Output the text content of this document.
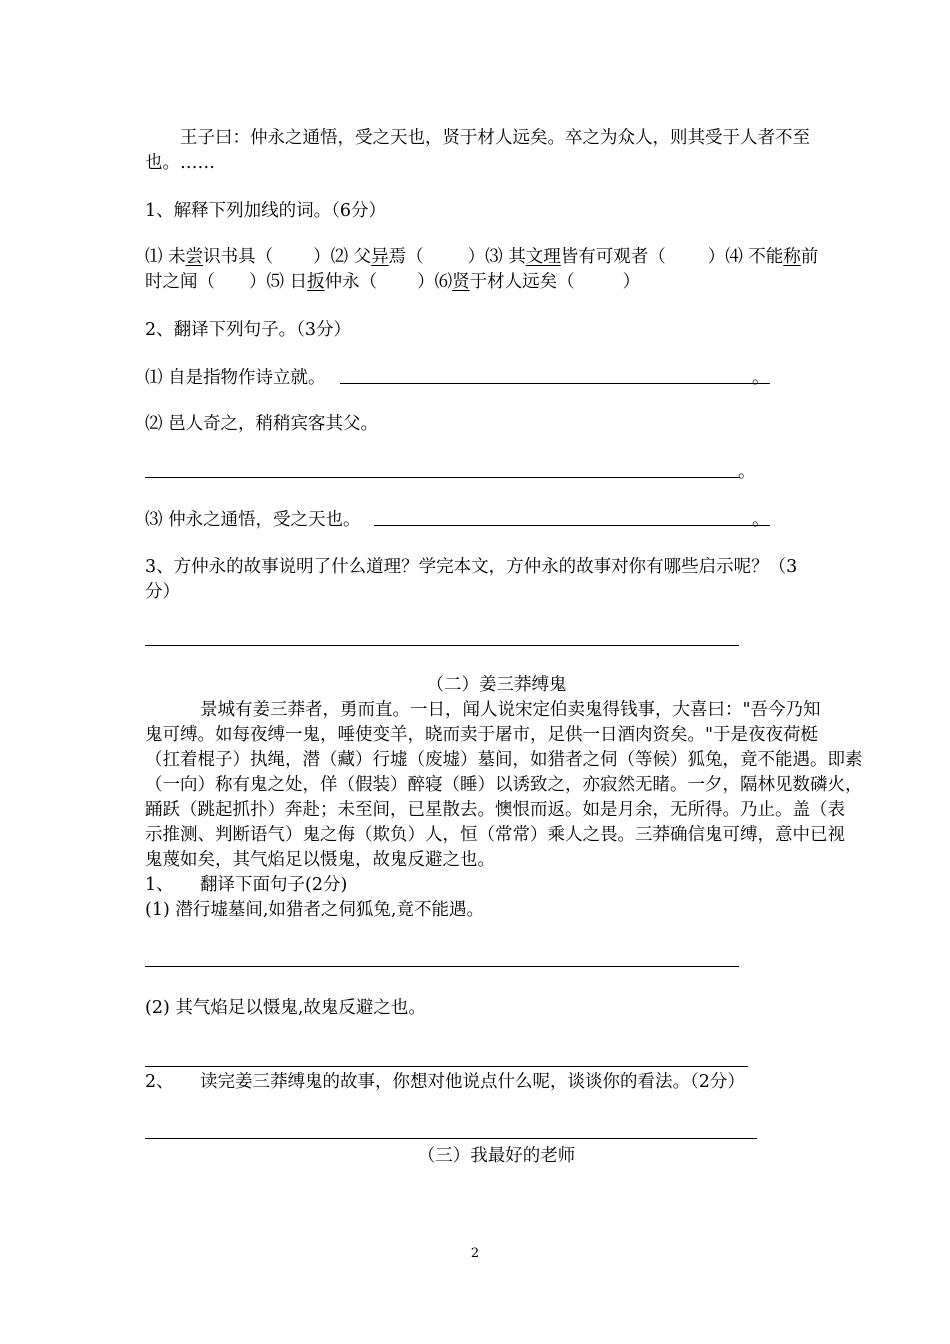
王子曰：仲永之通悟，受之天也，贤于材人远矣。卒之为众人，则其受于人者不至
也。……
1、解释下列加线的词。（6分）
⑴ 未尝识书具（ ）⑵ 父异焉（	）⑶ 其文理皆有可观者（ ）⑷ 不能称前
时之闻（ ）⑸ 日扳仲永（ ）⑹贤于材人远矣（	）
2、翻译下列句子。（3分）
⑴ 自是指物作诗立就。	。
⑵ 邑人奇之，稍稍宾客其父。
。
⑶ 仲永之通悟，受之天也。	。
3、方仲永的故事说明了什么道理？学完本文，方仲永的故事对你有哪些启示呢？（3
分）
（二）姜三莽缚鬼
景城有姜三莽者，勇而直。一日，闻人说宋定伯卖鬼得钱事，大喜曰："吾今乃知
鬼可缚。如每夜缚一鬼，唾使变羊，晓而卖于屠市，足供一日酒肉资矣。"于是夜夜荷梃
（扛着棍子）执绳，潜（藏）行墟（废墟）墓间，如猎者之伺（等候）狐兔，竟不能遇。即素
（一向）称有鬼之处，佯（假装）醉寝（睡）以诱致之，亦寂然无睹。一夕，隔林见数磷火，
踊跃（跳起抓扑）奔赴；未至间，已星散去。懊恨而返。如是月余，无所得。乃止。盖（表
示推测、判断语气）鬼之侮（欺负）人，恒（常常）乘人之畏。三莽确信鬼可缚，意中已视
鬼蔑如矣，其气焰足以慑鬼，故鬼反避之也。
1、 翻译下面句子(2分)
(1) 潜行墟墓间,如猎者之伺狐兔,竟不能遇。
(2) 其气焰足以慑鬼,故鬼反避之也。
2、 读完姜三莽缚鬼的故事，你想对他说点什么呢，谈谈你的看法。（2分）
（三）我最好的老师
2
